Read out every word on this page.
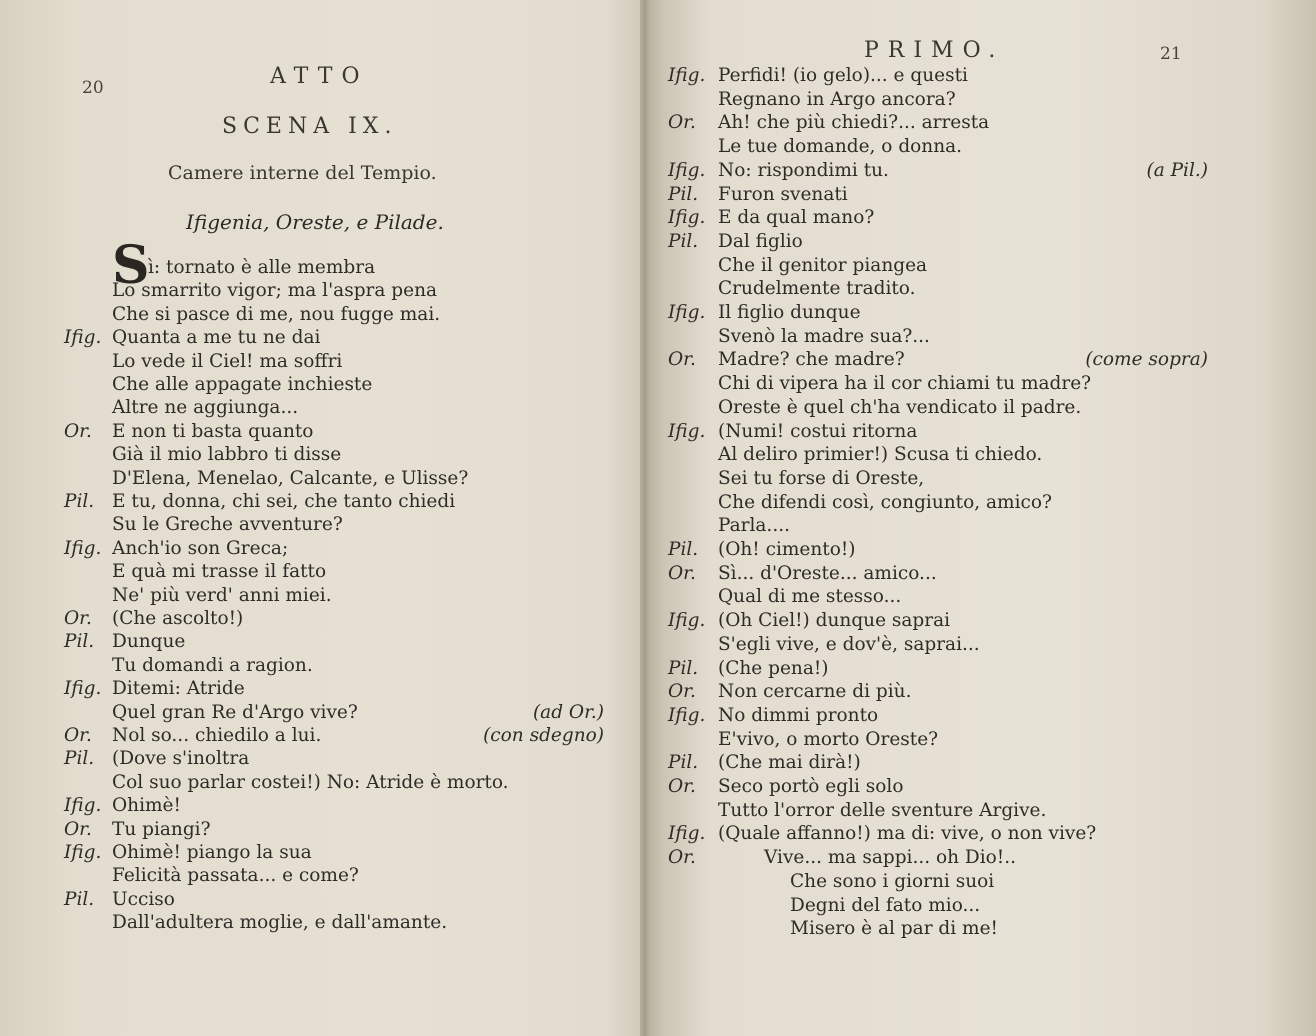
20	ATTO
SCENA IX.
Camere interne del Tempio.
Ifigenia, Oreste, e Pilade.
S
ì: tornato è alle membra
Lo smarrito vigor; ma l'aspra pena
Che si pasce di me, nou fugge mai.
Ifig. Quanta a me tu ne dai
Lo vede il Ciel! ma soffri
Che alle appagate inchieste
Altre ne aggiunga...
Or. E non ti basta quanto
Già il mio labbro ti disse
D'Elena, Menelao, Calcante, e Ulisse?
Pil. E tu, donna, chi sei, che tanto chiedi
Su le Greche avventure?
Ifig. Anch'io son Greca;
E quà mi trasse il fatto
Ne' più verd' anni miei.
Or. (Che ascolto!)
Pil. Dunque
Tu domandi a ragion.
Ifig. Ditemi: Atride
Quel gran Re d'Argo vive?	(ad Or.)
Or. Nol so... chiedilo a lui.	(con sdegno)
Pil. (Dove s'inoltra
Col suo parlar costei!) No: Atride è morto.
Ifig. Ohimè!
Or. Tu piangi?
Ifig. Ohimè! piango la sua
Felicità passata... e come?
Pil. Ucciso
Dall'adultera moglie, e dall'amante.
PRIMO.	21
Ifig. Perfidi! (io gelo)... e questi
Regnano in Argo ancora?
Or. Ah! che più chiedi?... arresta
Le tue domande, o donna.
Ifig. No: rispondimi tu.	(a Pil.)
Pil. Furon svenati
Ifig. E da qual mano?
Pil. Dal figlio
Che il genitor piangea
Crudelmente tradito.
Ifig. Il figlio dunque
Svenò la madre sua?...
Or. Madre? che madre?	(come sopra)
Chi di vipera ha il cor chiami tu madre?
Oreste è quel ch'ha vendicato il padre.
Ifig. (Numi! costui ritorna
Al deliro primier!) Scusa ti chiedo.
Sei tu forse di Oreste,
Che difendi così, congiunto, amico?
Parla....
Pil. (Oh! cimento!)
Or. Sì... d'Oreste... amico...
Qual di me stesso...
Ifig. (Oh Ciel!) dunque saprai
S'egli vive, e dov'è, saprai...
Pil. (Che pena!)
Or. Non cercarne di più.
Ifig. No dimmi pronto
E'vivo, o morto Oreste?
Pil. (Che mai dirà!)
Or. Seco portò egli solo
Tutto l'orror delle sventure Argive.
Ifig. (Quale affanno!) ma di: vive, o non vive?
Or.	Vive... ma sappi... oh Dio!..
Che sono i giorni suoi
Degni del fato mio...
Misero è al par di me!
